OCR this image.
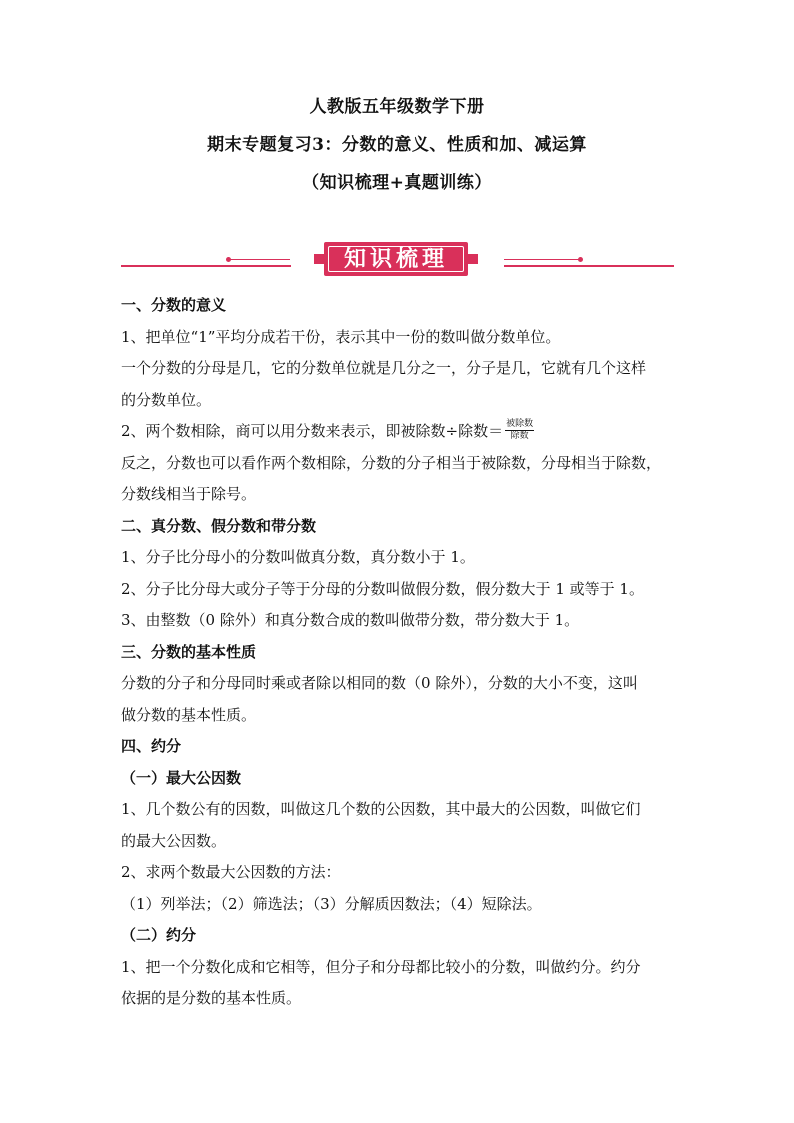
人教版五年级数学下册
期末专题复习3：分数的意义、性质和加、减运算
（知识梳理+真题训练）
知识梳理

一、分数的意义

1、把单位“1”平均分成若干份，表示其中一份的数叫做分数单位。

一个分数的分母是几，它的分数单位就是几分之一，分子是几，它就有几个这样

的分数单位。

2、两个数相除，商可以用分数来表示，即被除数÷除数＝ $\frac{\text{被除数}}{\text{除数}}$

反之，分数也可以看作两个数相除，分数的分子相当于被除数，分母相当于除数，

分数线相当于除号。

二、真分数、假分数和带分数

1、分子比分母小的分数叫做真分数，真分数小于 1。

2、分子比分母大或分子等于分母的分数叫做假分数，假分数大于 1 或等于 1。

3、由整数（0 除外）和真分数合成的数叫做带分数，带分数大于 1。

三、分数的基本性质

分数的分子和分母同时乘或者除以相同的数（0 除外），分数的大小不变，这叫

做分数的基本性质。

四、约分

（一）最大公因数

1、几个数公有的因数，叫做这几个数的公因数，其中最大的公因数，叫做它们

的最大公因数。

2、求两个数最大公因数的方法：

（1）列举法；（2）筛选法；（3）分解质因数法；（4）短除法。

（二）约分

1、把一个分数化成和它相等，但分子和分母都比较小的分数，叫做约分。约分

依据的是分数的基本性质。
